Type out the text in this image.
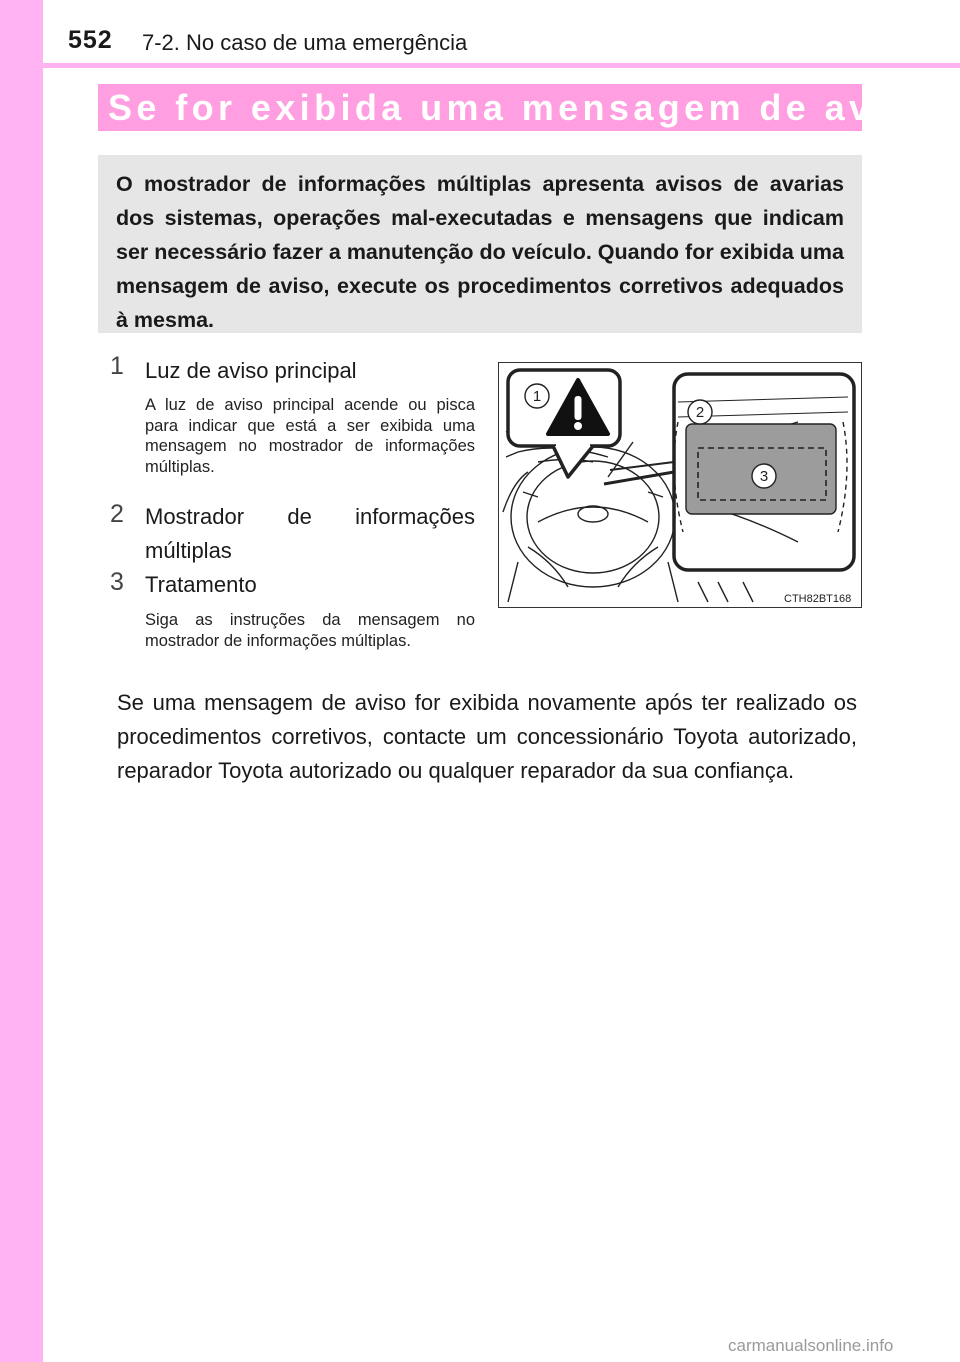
552 7-2. No caso de uma emergência
Se for exibida uma mensagem de aviso
O mostrador de informações múltiplas apresenta avisos de avarias dos sistemas, operações mal-executadas e mensagens que indicam ser necessário fazer a manutenção do veículo. Quando for exibida uma mensagem de aviso, execute os procedimentos corretivos adequados à mesma.
1 Luz de aviso principal
A luz de aviso principal acende ou pisca para indicar que está a ser exibida uma mensagem no mostrador de informações múltiplas.
2 Mostrador de informações múltiplas
3 Tratamento
Siga as instruções da mensagem no mostrador de informações múltiplas.
1
2
3
CTH82BT168
Se uma mensagem de aviso for exibida novamente após ter realizado os procedimentos corretivos, contacte um concessionário Toyota autorizado, reparador Toyota autorizado ou qualquer reparador da sua confiança.
carmanualsonline.info
